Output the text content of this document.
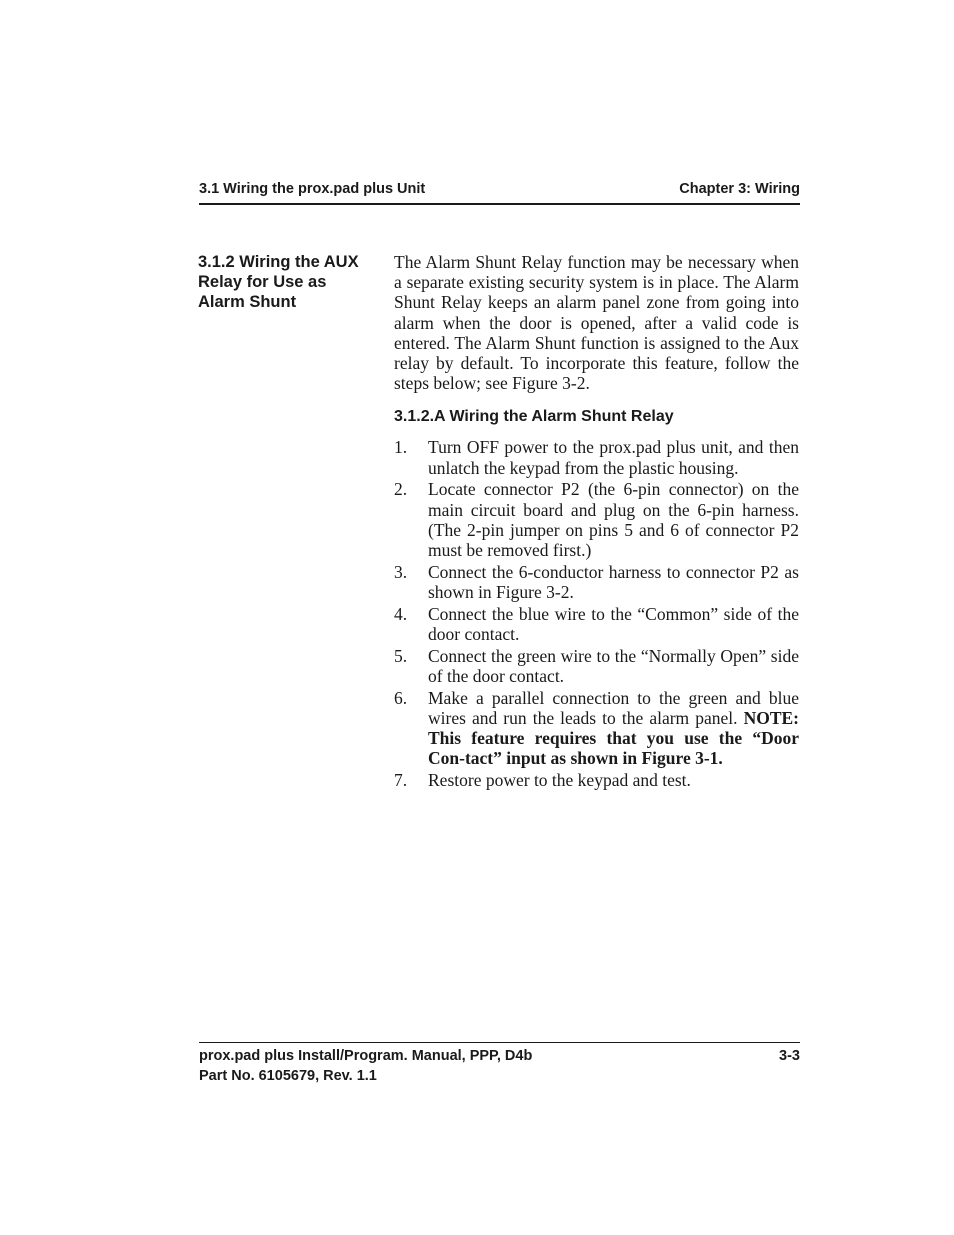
3.1 Wiring the prox.pad plus Unit	Chapter 3: Wiring
3.1.2 Wiring the AUX
Relay for Use as
Alarm Shunt

The Alarm Shunt Relay function may be necessary when a separate existing security system is in place. The Alarm Shunt Relay keeps an alarm panel zone from going into alarm when the door is opened, after a valid code is entered. The Alarm Shunt function is assigned to the Aux relay by default. To incorporate this feature, follow the steps below; see Figure 3-2.

3.1.2.A Wiring the Alarm Shunt Relay
1. Turn OFF power to the prox.pad plus unit, and then unlatch the keypad from the plastic housing.
2. Locate connector P2 (the 6-pin connector) on the main circuit board and plug on the 6-pin harness. (The 2-pin jumper on pins 5 and 6 of connector P2 must be removed first.)
3. Connect the 6-conductor harness to connector P2 as shown in Figure 3-2.
4. Connect the blue wire to the “Common” side of the door contact.
5. Connect the green wire to the “Normally Open” side of the door contact.
6. Make a parallel connection to the green and blue wires and run the leads to the alarm panel. NOTE: This feature requires that you use the “Door Con-tact” input as shown in Figure 3-1.
7. Restore power to the keypad and test.
prox.pad plus Install/Program. Manual, PPP, D4b	3-3
Part No. 6105679, Rev. 1.1
